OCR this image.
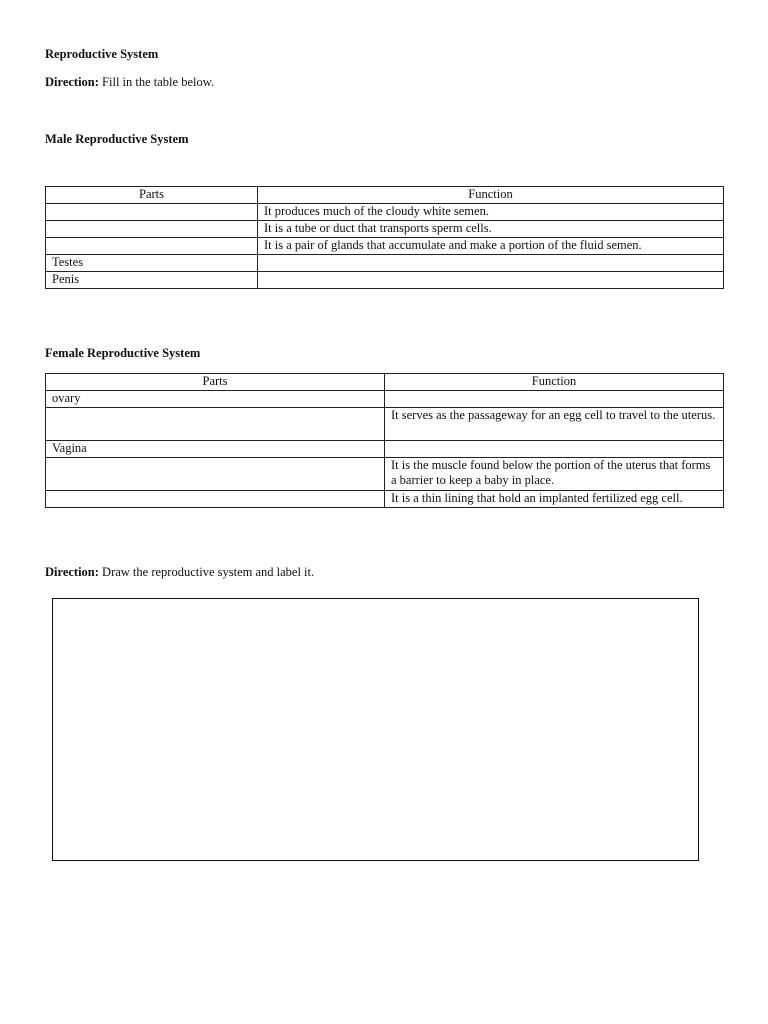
Reproductive System
Direction: Fill in the table below.
Male Reproductive System
Parts	Function
	It produces much of the cloudy white semen.
	It is a tube or duct that transports sperm cells.
	It is a pair of glands that accumulate and make a portion of the fluid semen.
Testes	
Penis	
Female Reproductive System
Parts	Function
ovary	
	It serves as the passageway for an egg cell to travel to the uterus.
Vagina	
	It is the muscle found below the portion of the uterus that forms a barrier to keep a baby in place.
	It is a thin lining that hold an implanted fertilized egg cell.
Direction: Draw the reproductive system and label it.
